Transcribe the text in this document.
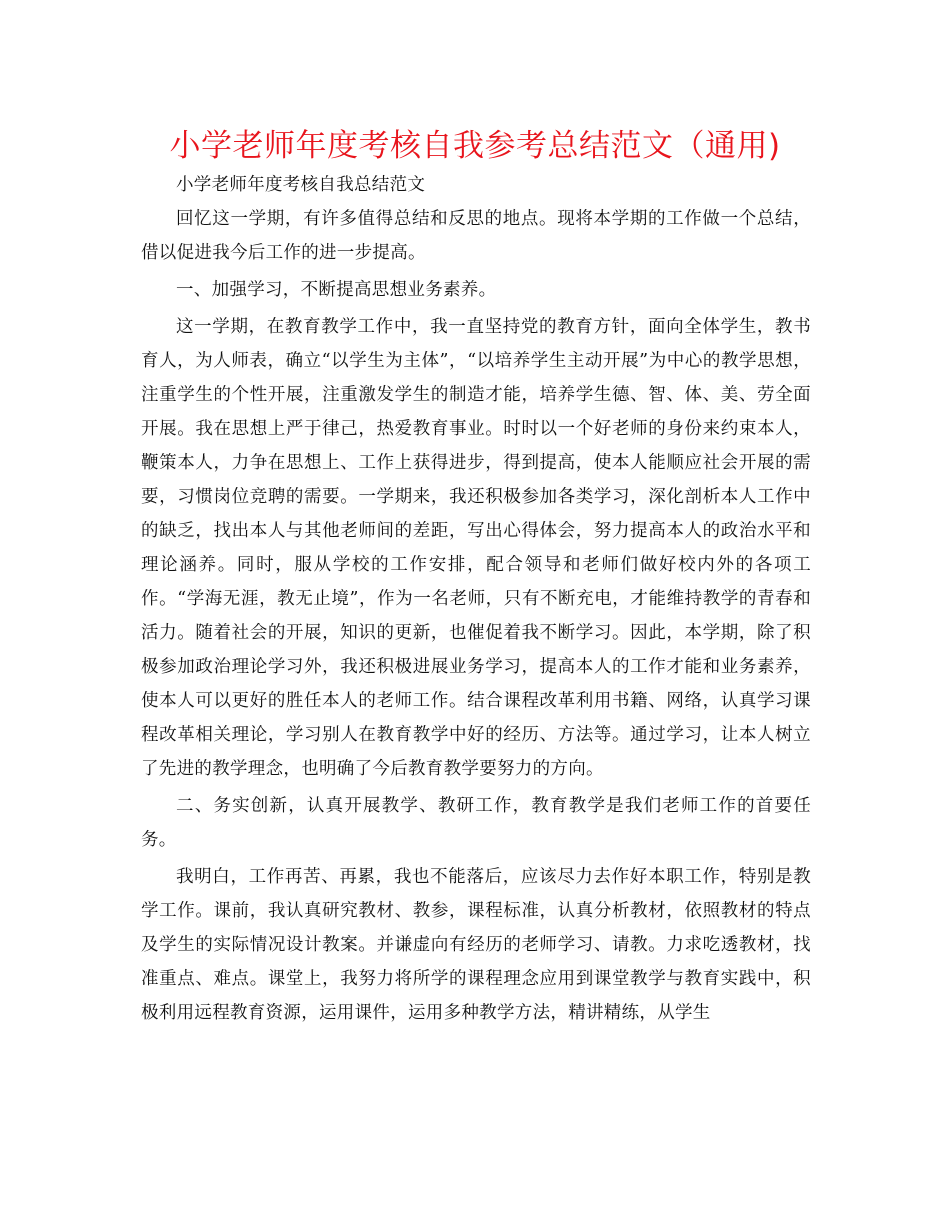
小学老师年度考核自我参考总结范文（通用)

小学老师年度考核自我总结范文

回忆这一学期，有许多值得总结和反思的地点。现将本学期的工作做一个总结，借以促进我今后工作的进一步提高。

一、加强学习，不断提高思想业务素养。

这一学期，在教育教学工作中，我一直坚持党的教育方针，面向全体学生，教书育人，为人师表，确立“以学生为主体”，“以培养学生主动开展”为中心的教学思想，注重学生的个性开展，注重激发学生的制造才能，培养学生德、智、体、美、劳全面开展。我在思想上严于律己，热爱教育事业。时时以一个好老师的身份来约束本人，鞭策本人，力争在思想上、工作上获得进步，得到提高，使本人能顺应社会开展的需要，习惯岗位竞聘的需要。一学期来，我还积极参加各类学习，深化剖析本人工作中的缺乏，找出本人与其他老师间的差距，写出心得体会，努力提高本人的政治水平和理论涵养。同时，服从学校的工作安排，配合领导和老师们做好校内外的各项工作。“学海无涯，教无止境”，作为一名老师，只有不断充电，才能维持教学的青春和活力。随着社会的开展，知识的更新，也催促着我不断学习。因此，本学期，除了积极参加政治理论学习外，我还积极进展业务学习，提高本人的工作才能和业务素养，使本人可以更好的胜任本人的老师工作。结合课程改革利用书籍、网络，认真学习课程改革相关理论，学习别人在教育教学中好的经历、方法等。通过学习，让本人树立了先进的教学理念，也明确了今后教育教学要努力的方向。

二、务实创新，认真开展教学、教研工作，教育教学是我们老师工作的首要任务。

我明白，工作再苦、再累，我也不能落后，应该尽力去作好本职工作，特别是教学工作。课前，我认真研究教材、教参，课程标准，认真分析教材，依照教材的特点及学生的实际情况设计教案。并谦虚向有经历的老师学习、请教。力求吃透教材，找准重点、难点。课堂上，我努力将所学的课程理念应用到课堂教学与教育实践中，积极利用远程教育资源，运用课件，运用多种教学方法，精讲精练，从学生
